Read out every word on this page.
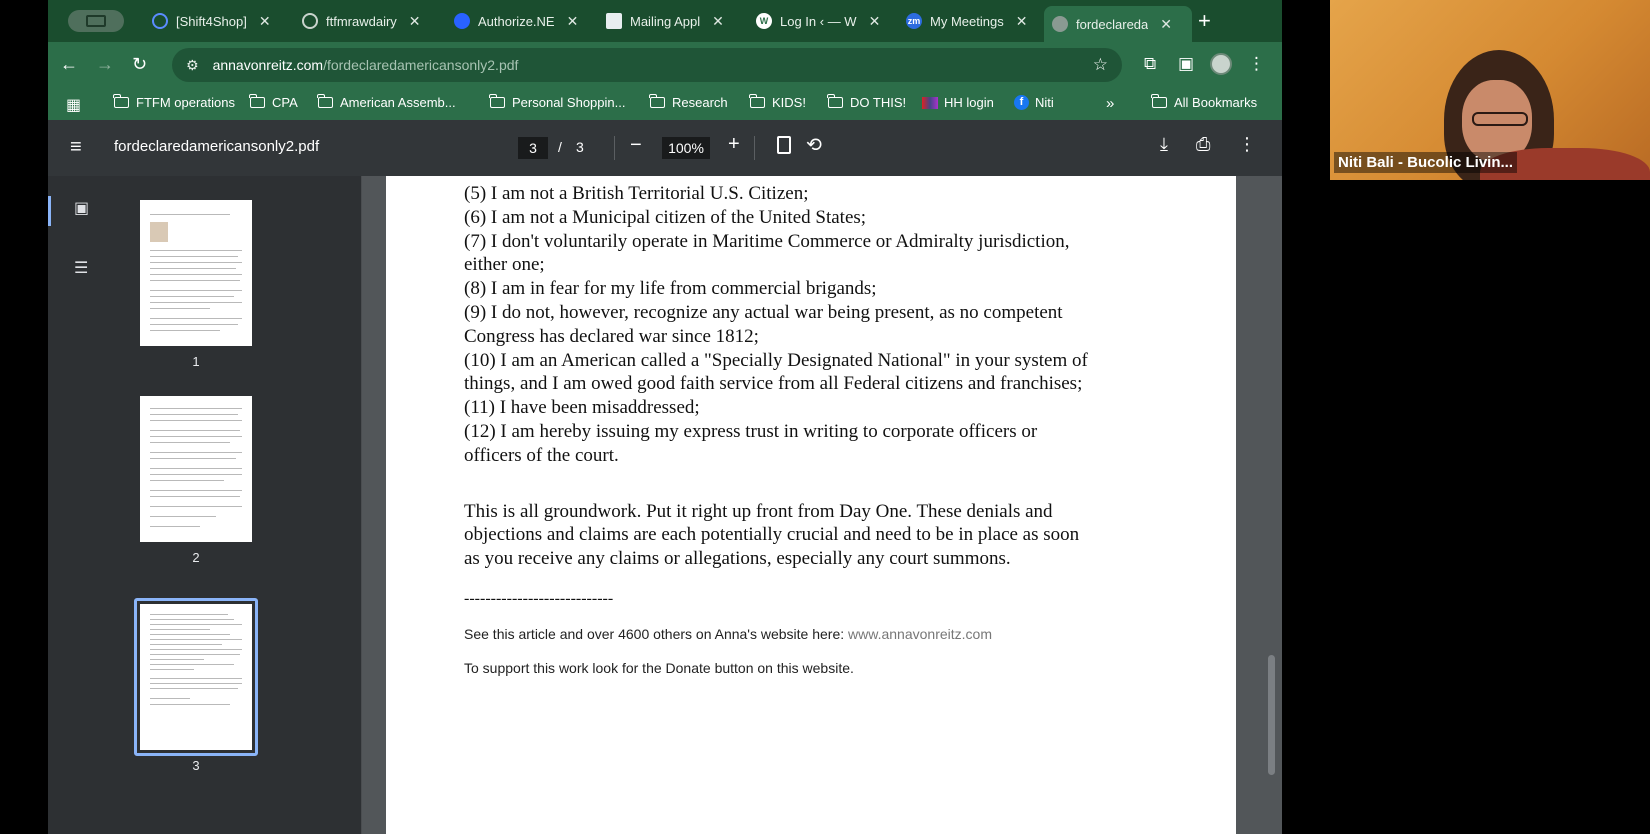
[Shift4Shop] ✕	ftfmrawdairy ✕	Authorize.NE ✕	Mailing Appl ✕	W Log In ‹ — W ✕	zm My Meetings ✕	fordeclareda ✕ +
← → ↻	⚙ annavonreitz.com /fordeclaredamericansonly2.pdf	☆ ⧉ ▣	⋮
▦	FTFM operations	CPA	American Assemb...	Personal Shoppin...	Research	KIDS!	DO THIS!	HH login	f Niti	»	All Bookmarks
≡ fordeclaredamericansonly2.pdf	3	/ 3 −	100%	+	⟲	⤓ ⎙ ⋮
▣
☰
1
2
3

(5) I am not a British Territorial U.S. Citizen;

(6) I am not a Municipal citizen of the United States;

(7) I don't voluntarily operate in Maritime Commerce or Admiralty jurisdiction,

either one;

(8) I am in fear for my life from commercial brigands;

(9) I do not, however, recognize any actual war being present, as no competent

Congress has declared war since 1812;

(10) I am an American called a "Specially Designated National" in your system of

things, and I am owed good faith service from all Federal citizens and franchises;

(11) I have been misaddressed;

(12) I am hereby issuing my express trust in writing to corporate officers or

officers of the court.

This is all groundwork. Put it right up front from Day One. These denials and

objections and claims are each potentially crucial and need to be in place as soon

as you receive any claims or allegations, especially any court summons.

----------------------------

See this article and over 4600 others on Anna's website here: www.annavonreitz.com

To support this work look for the Donate button on this website.

Niti Bali - Bucolic Livin...
